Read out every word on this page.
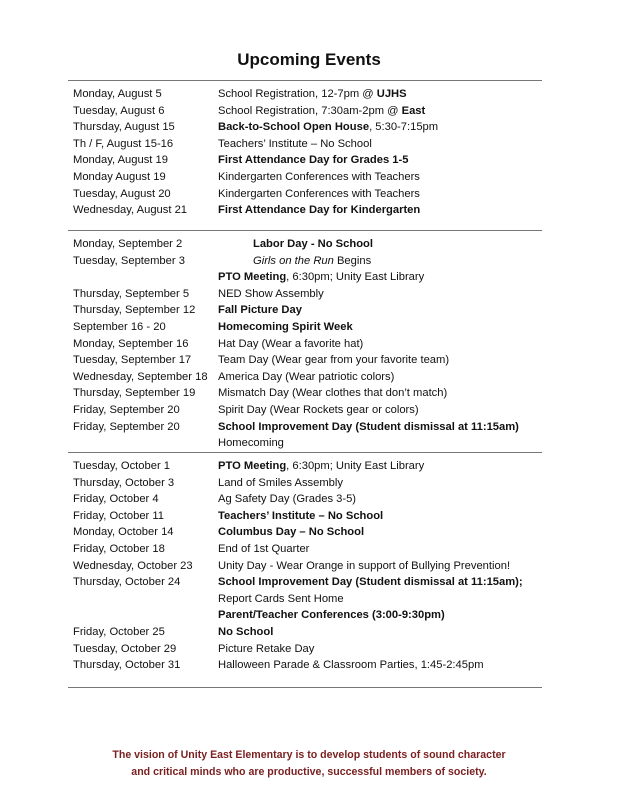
Upcoming Events
Monday, August 5	School Registration, 12-7pm @ UJHS
Tuesday, August 6	School Registration, 7:30am-2pm @ East
Thursday, August 15	Back-to-School Open House, 5:30-7:15pm
Th / F, August 15-16	Teachers’ Institute – No School
Monday, August 19	First Attendance Day for Grades 1-5
Monday August 19	Kindergarten Conferences with Teachers
Tuesday, August 20	Kindergarten Conferences with Teachers
Wednesday, August 21	First Attendance Day for Kindergarten
Monday, September 2	Labor Day - No School
Tuesday, September 3	Girls on the Run Begins
PTO Meeting, 6:30pm; Unity East Library
Thursday, September 5	NED Show Assembly
Thursday, September 12 Fall Picture Day
September 16 - 20	Homecoming Spirit Week
Monday, September 16	Hat Day (Wear a favorite hat)
Tuesday, September 17 Team Day (Wear gear from your favorite team)
Wednesday, September 18 America Day (Wear patriotic colors)
Thursday, September 19 Mismatch Day (Wear clothes that don’t match)
Friday, September 20	Spirit Day (Wear Rockets gear or colors)
Friday, September 20	School Improvement Day (Student dismissal at 11:15am)
Homecoming
Tuesday, October 1	PTO Meeting, 6:30pm; Unity East Library
Thursday, October 3	Land of Smiles Assembly
Friday, October 4	Ag Safety Day (Grades 3-5)
Friday, October 11	Teachers’ Institute – No School
Monday, October 14	Columbus Day – No School
Friday, October 18	End of 1st Quarter
Wednesday, October 23 Unity Day - Wear Orange in support of Bullying Prevention!
Thursday, October 24	School Improvement Day (Student dismissal at 11:15am);
Report Cards Sent Home
Parent/Teacher Conferences (3:00-9:30pm)
Friday, October 25	No School
Tuesday, October 29	Picture Retake Day
Thursday, October 31	Halloween Parade & Classroom Parties, 1:45-2:45pm
The vision of Unity East Elementary is to develop students of sound character
and critical minds who are productive, successful members of society.
